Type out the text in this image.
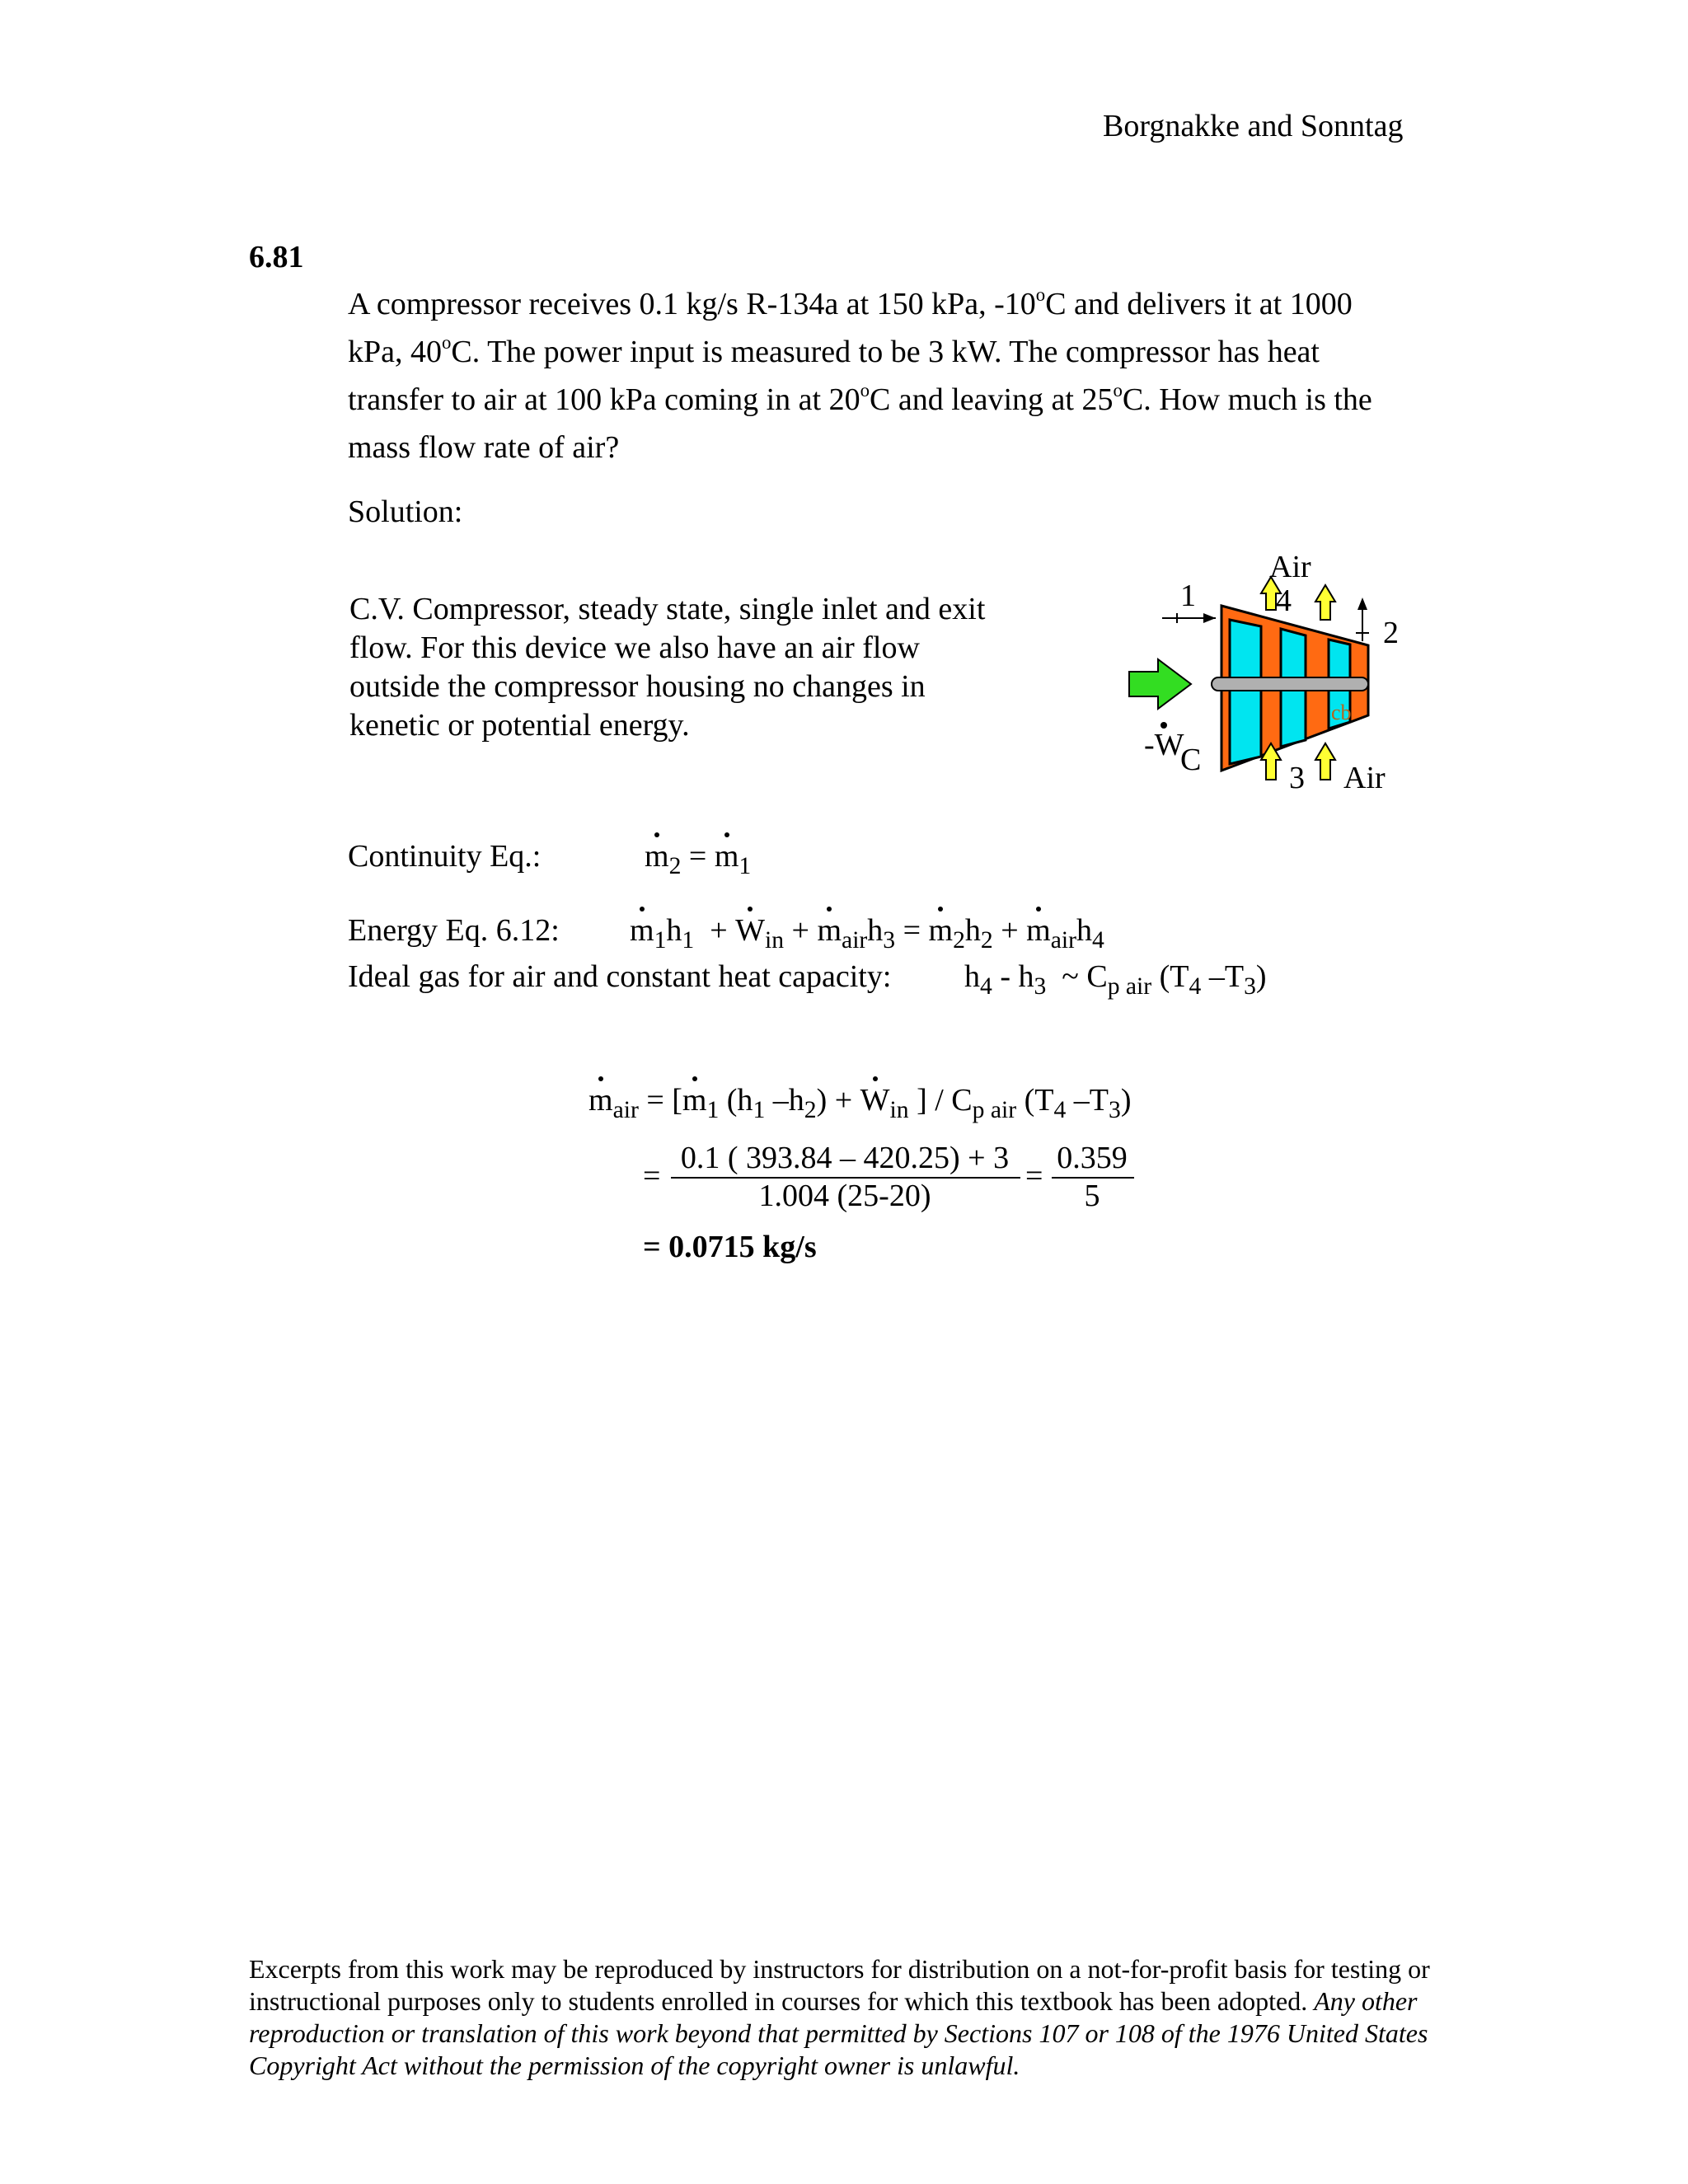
Borgnakke and Sonntag
6.81
A compressor receives 0.1 kg/s R-134a at 150 kPa, -10$^o$C and delivers it at 1000
kPa, 40$^o$C. The power input is measured to be 3 kW. The compressor has heat
transfer to air at 100 kPa coming in at 20$^o$C and leaving at 25$^o$C. How much is the
mass flow rate of air?
Solution:
C.V. Compressor, steady state, single inlet and exit
flow. For this device we also have an air flow
outside the compressor housing no changes in
kenetic or potential energy.
1
2
Air
4
3 Air
cb
-W
C
Continuity Eq.:	$m_2 = m_1$
Energy Eq. 6.12: $m_1h_1 + W_{in} + m_{air}h_3 = m_2h_2 + m_{air}h_4$
Ideal gas for air and constant heat capacity: $h_4 - h_3$  ~ $C_{p air}$ ($T_4$ $-T_3$)
$m_{air} = [m_1$ ($h_1$ $-h_2) + W_{in}$ ] / $C_{p air}$ ($T_4$ $-T_3$)
=
0.1 ( 393.84 – 420.25) + 3
1.004 (25-20)
=
0.359
5
= 0.0715 kg/s
Excerpts from this work may be reproduced by instructors for distribution on a not-for-profit basis for testing or instructional purposes only to students enrolled in courses for which this textbook has been adopted. Any other reproduction or translation of this work beyond that permitted by Sections 107 or 108 of the 1976 United States Copyright Act without the permission of the copyright owner is unlawful.
